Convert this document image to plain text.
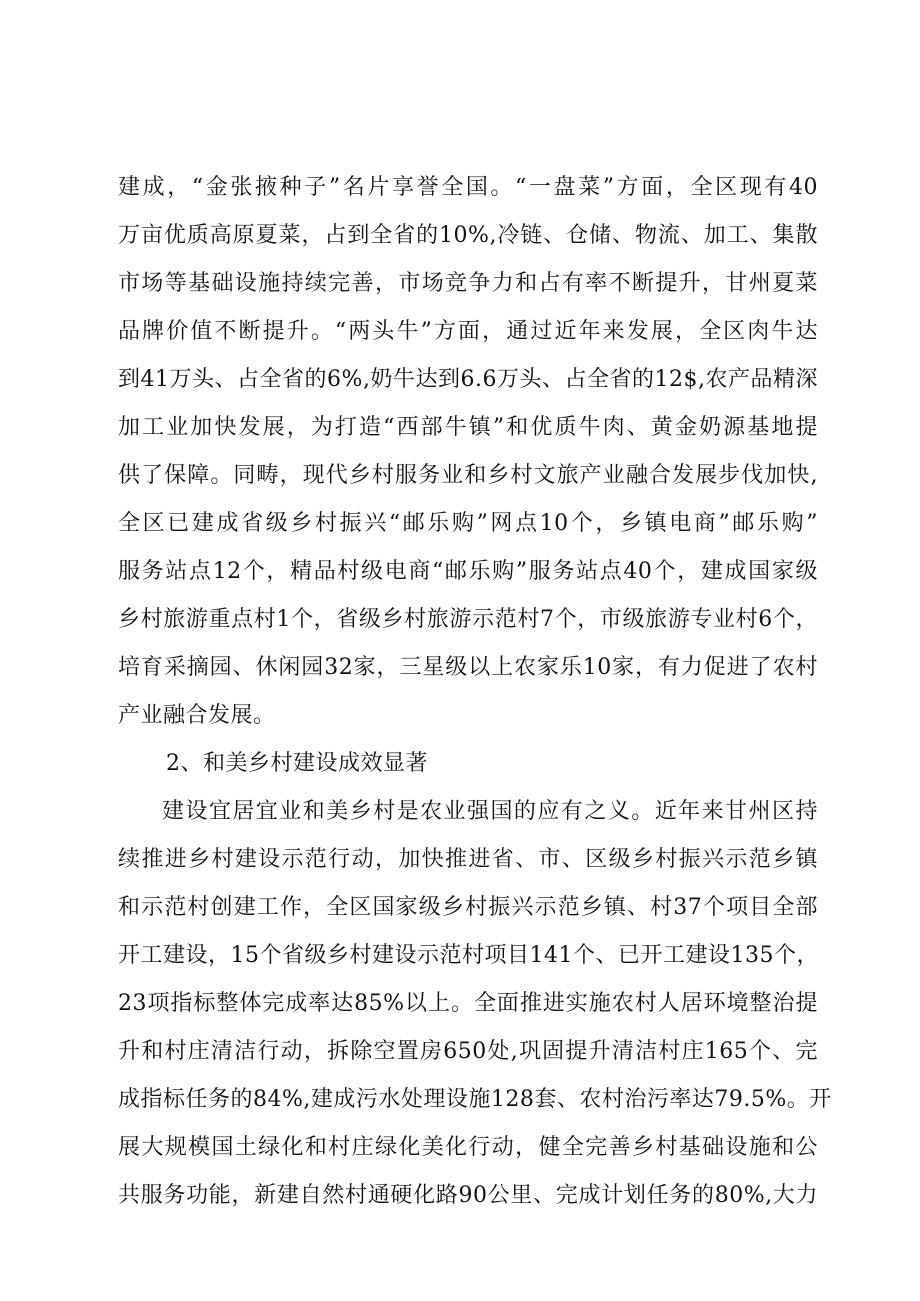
建成，“金张掖种子”名片享誉全国。“一盘菜”方面，全区现有40
万亩优质高原夏菜，占到全省的10%,冷链、仓储、物流、加工、集散
市场等基础设施持续完善，市场竞争力和占有率不断提升，甘州夏菜
品牌价值不断提升。“两头牛”方面，通过近年来发展，全区肉牛达
到41万头、占全省的6%,奶牛达到6.6万头、占全省的12$,农产品精深
加工业加快发展，为打造“西部牛镇”和优质牛肉、黄金奶源基地提
供了保障。同畴，现代乡村服务业和乡村文旅产业融合发展步伐加快,
全区已建成省级乡村振兴“邮乐购”网点10个，乡镇电商”邮乐购”
服务站点12个，精品村级电商“邮乐购”服务站点40个，建成国家级
乡村旅游重点村1个，省级乡村旅游示范村7个，市级旅游专业村6个，
培育采摘园、休闲园32家，三星级以上农家乐10家，有力促进了农村
产业融合发展。
2、和美乡村建设成效显著
建设宜居宜业和美乡村是农业强国的应有之义。近年来甘州区持
续推进乡村建设示范行动，加快推进省、市、区级乡村振兴示范乡镇
和示范村创建工作，全区国家级乡村振兴示范乡镇、村37个项目全部
开工建设，15个省级乡村建设示范村项目141个、已开工建设135个，
23项指标整体完成率达85%以上。全面推进实施农村人居环境整治提
升和村庄清洁行动，拆除空置房650处,巩固提升清洁村庄165个、完
成指标任务的84%,建成污水处理设施128套、农村治污率达79.5%。开
展大规模国土绿化和村庄绿化美化行动，健全完善乡村基础设施和公
共服务功能，新建自然村通硬化路90公里、完成计划任务的80%,大力
